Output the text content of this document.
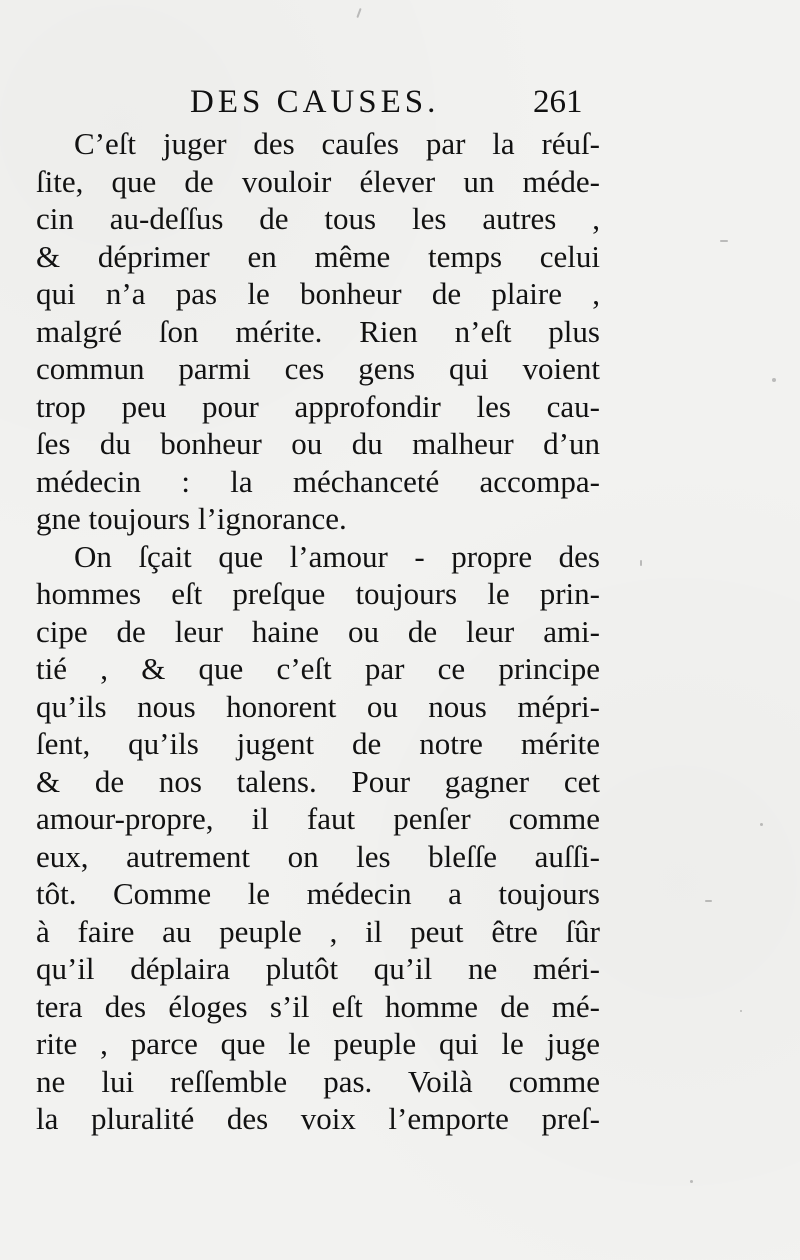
DES CAUSES.	261
C’eſt juger des cauſes par la réuſ-
ſite, que de vouloir élever un méde-
cin au-deſſus de tous les autres ,
& déprimer en même temps celui
qui n’a pas le bonheur de plaire ,
malgré ſon mérite. Rien n’eſt plus
commun parmi ces gens qui voient
trop peu pour approfondir les cau-
ſes du bonheur ou du malheur d’un
médecin : la méchanceté accompa-
gne toujours l’ignorance.
On ſçait que l’amour - propre des
hommes eſt preſque toujours le prin-
cipe de leur haine ou de leur ami-
tié , & que c’eſt par ce principe
qu’ils nous honorent ou nous mépri-
ſent, qu’ils jugent de notre mérite
& de nos talens. Pour gagner cet
amour-propre, il faut penſer comme
eux, autrement on les bleſſe auſſi-
tôt. Comme le médecin a toujours
à faire au peuple , il peut être ſûr
qu’il déplaira plutôt qu’il ne méri-
tera des éloges s’il eſt homme de mé-
rite , parce que le peuple qui le juge
ne lui reſſemble pas. Voilà comme
la pluralité des voix l’emporte preſ-
